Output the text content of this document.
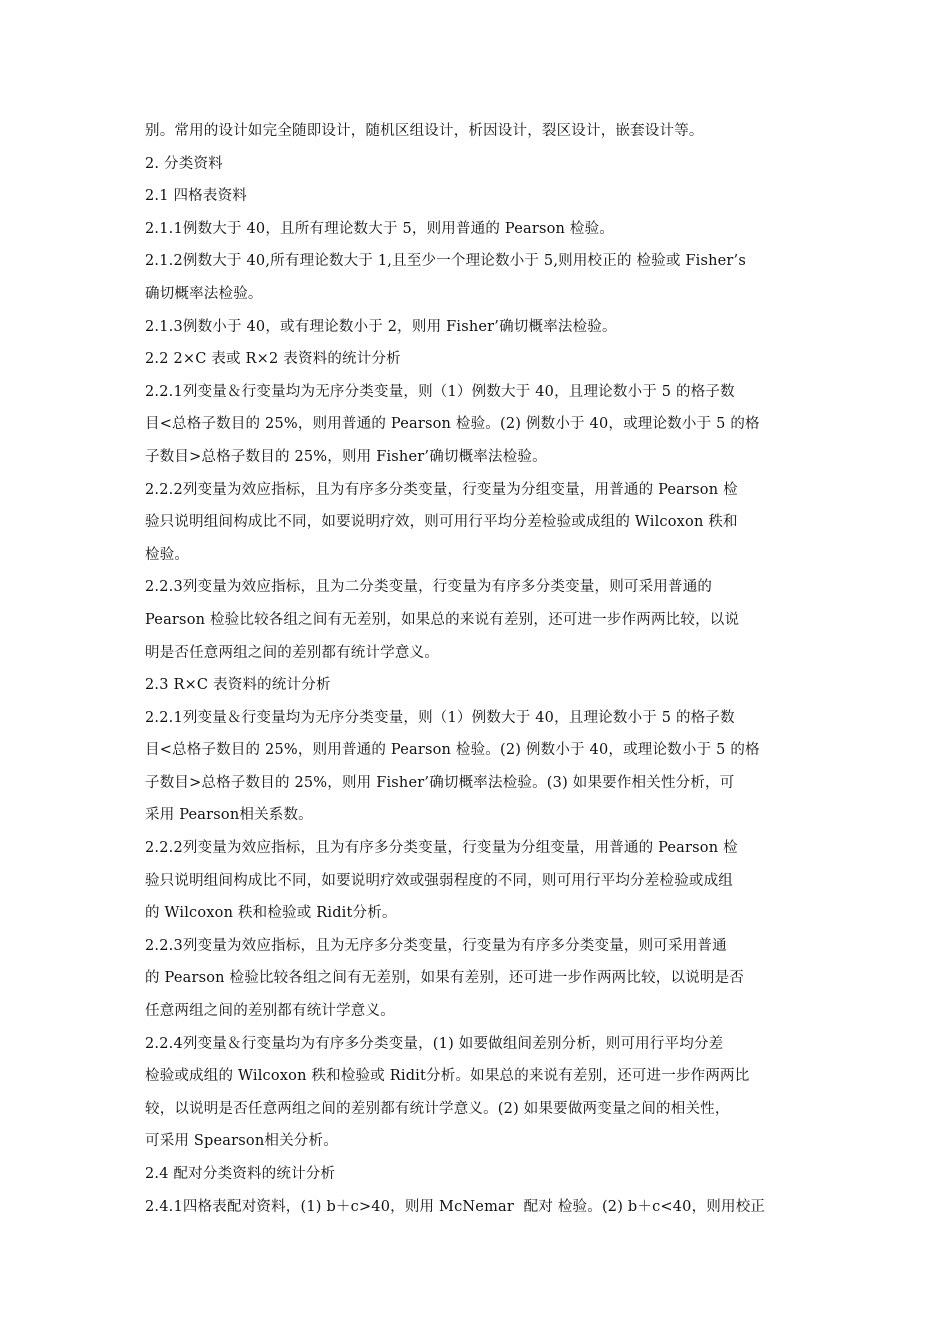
别。常用的设计如完全随即设计，随机区组设计，析因设计，裂区设计，嵌套设计等。
2. 分类资料
2.1 四格表资料
2.1.1例数大于 40，且所有理论数大于 5，则用普通的 Pearson 检验。
2.1.2例数大于 40,所有理论数大于 1,且至少一个理论数小于 5,则用校正的 检验或 Fisher’s
确切概率法检验。
2.1.3例数小于 40，或有理论数小于 2，则用 Fisher’确切概率法检验。
2.2 2×C 表或 R×2 表资料的统计分析
2.2.1列变量＆行变量均为无序分类变量，则（1）例数大于 40，且理论数小于 5 的格子数
目<总格子数目的 25%，则用普通的 Pearson 检验。(2) 例数小于 40，或理论数小于 5 的格
子数目>总格子数目的 25%，则用 Fisher’确切概率法检验。
2.2.2列变量为效应指标，且为有序多分类变量，行变量为分组变量，用普通的 Pearson 检
验只说明组间构成比不同，如要说明疗效，则可用行平均分差检验或成组的 Wilcoxon 秩和
检验。
2.2.3列变量为效应指标，且为二分类变量，行变量为有序多分类变量，则可采用普通的
Pearson 检验比较各组之间有无差别，如果总的来说有差别，还可进一步作两两比较，以说
明是否任意两组之间的差别都有统计学意义。
2.3 R×C 表资料的统计分析
2.2.1列变量＆行变量均为无序分类变量，则（1）例数大于 40，且理论数小于 5 的格子数
目<总格子数目的 25%，则用普通的 Pearson 检验。(2) 例数小于 40，或理论数小于 5 的格
子数目>总格子数目的 25%，则用 Fisher’确切概率法检验。(3) 如果要作相关性分析，可
采用 Pearson相关系数。
2.2.2列变量为效应指标，且为有序多分类变量，行变量为分组变量，用普通的 Pearson 检
验只说明组间构成比不同，如要说明疗效或强弱程度的不同，则可用行平均分差检验或成组
的 Wilcoxon 秩和检验或 Ridit分析。
2.2.3列变量为效应指标，且为无序多分类变量，行变量为有序多分类变量，则可采用普通
的 Pearson 检验比较各组之间有无差别，如果有差别，还可进一步作两两比较，以说明是否
任意两组之间的差别都有统计学意义。
2.2.4列变量＆行变量均为有序多分类变量，(1) 如要做组间差别分析，则可用行平均分差
检验或成组的 Wilcoxon 秩和检验或 Ridit分析。如果总的来说有差别，还可进一步作两两比
较，以说明是否任意两组之间的差别都有统计学意义。(2) 如果要做两变量之间的相关性，
可采用 Spearson相关分析。
2.4 配对分类资料的统计分析
2.4.1四格表配对资料，(1) b＋c>40，则用 McNemar  配对 检验。(2) b＋c<40，则用校正
